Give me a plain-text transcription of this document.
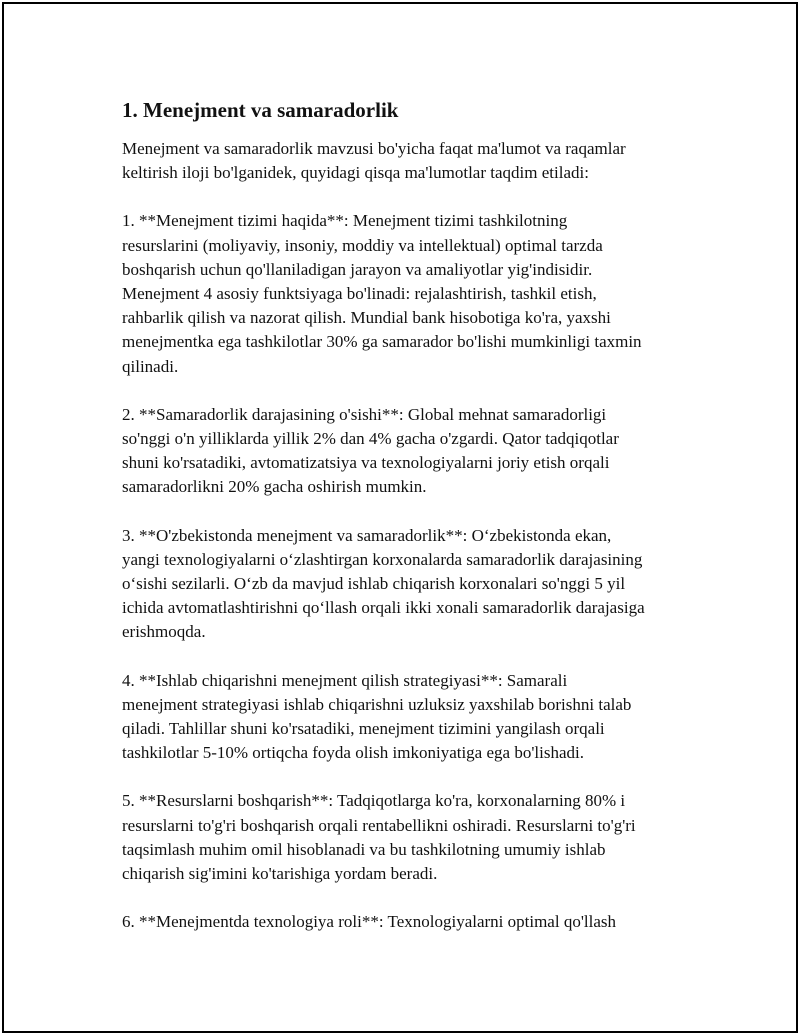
1. Menejment va samaradorlik

Menejment va samaradorlik mavzusi bo'yicha faqat ma'lumot va raqamlar
keltirish iloji bo'lganidek, quyidagi qisqa ma'lumotlar taqdim etiladi:

1. **Menejment tizimi haqida**: Menejment tizimi tashkilotning
resurslarini (moliyaviy, insoniy, moddiy va intellektual) optimal tarzda
boshqarish uchun qo'llaniladigan jarayon va amaliyotlar yig'indisidir.
Menejment 4 asosiy funktsiyaga bo'linadi: rejalashtirish, tashkil etish,
rahbarlik qilish va nazorat qilish. Mundial bank hisobotiga ko'ra, yaxshi
menejmentka ega tashkilotlar 30% ga samarador bo'lishi mumkinligi taxmin
qilinadi.

2. **Samaradorlik darajasining o'sishi**: Global mehnat samaradorligi
so'nggi o'n yilliklarda yillik 2% dan 4% gacha o'zgardi. Qator tadqiqotlar
shuni ko'rsatadiki, avtomatizatsiya va texnologiyalarni joriy etish orqali
samaradorlikni 20% gacha oshirish mumkin.

3. **O'zbekistonda menejment va samaradorlik**: O‘zbekistonda ekan,
yangi texnologiyalarni o‘zlashtirgan korxonalarda samaradorlik darajasining
o‘sishi sezilarli. O‘zb da mavjud ishlab chiqarish korxonalari so'nggi 5 yil
ichida avtomatlashtirishni qo‘llash orqali ikki xonali samaradorlik darajasiga
erishmoqda.

4. **Ishlab chiqarishni menejment qilish strategiyasi**: Samarali
menejment strategiyasi ishlab chiqarishni uzluksiz yaxshilab borishni talab
qiladi. Tahlillar shuni ko'rsatadiki, menejment tizimini yangilash orqali
tashkilotlar 5-10% ortiqcha foyda olish imkoniyatiga ega bo'lishadi.

5. **Resurslarni boshqarish**: Tadqiqotlarga ko'ra, korxonalarning 80% i
resurslarni to'g'ri boshqarish orqali rentabellikni oshiradi. Resurslarni to'g'ri
taqsimlash muhim omil hisoblanadi va bu tashkilotning umumiy ishlab
chiqarish sig'imini ko'tarishiga yordam beradi.

6. **Menejmentda texnologiya roli**: Texnologiyalarni optimal qo'llash
